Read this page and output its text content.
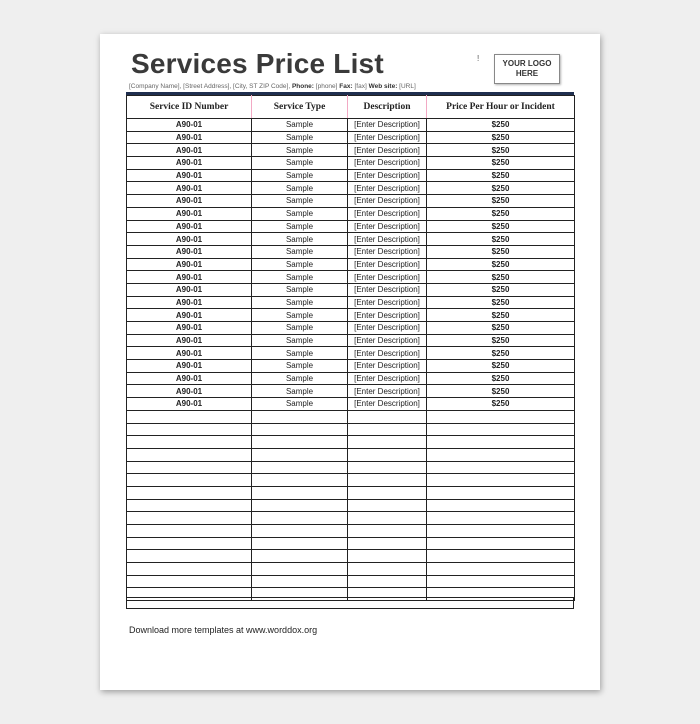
Services Price List	!
YOUR LOGO HERE
[Company Name], [Street Address], [City, ST ZIP Code], Phone: [phone] Fax: [fax] Web site: [URL]
Service ID Number	Service Type	Description	Price Per Hour or Incident
A90-01	Sample	[Enter Description]	$250
A90-01	Sample	[Enter Description]	$250
A90-01	Sample	[Enter Description]	$250
A90-01	Sample	[Enter Description]	$250
A90-01	Sample	[Enter Description]	$250
A90-01	Sample	[Enter Description]	$250
A90-01	Sample	[Enter Description]	$250
A90-01	Sample	[Enter Description]	$250
A90-01	Sample	[Enter Description]	$250
A90-01	Sample	[Enter Description]	$250
A90-01	Sample	[Enter Description]	$250
A90-01	Sample	[Enter Description]	$250
A90-01	Sample	[Enter Description]	$250
A90-01	Sample	[Enter Description]	$250
A90-01	Sample	[Enter Description]	$250
A90-01	Sample	[Enter Description]	$250
A90-01	Sample	[Enter Description]	$250
A90-01	Sample	[Enter Description]	$250
A90-01	Sample	[Enter Description]	$250
A90-01	Sample	[Enter Description]	$250
A90-01	Sample	[Enter Description]	$250
A90-01	Sample	[Enter Description]	$250
A90-01	Sample	[Enter Description]	$250

Download more templates at www.worddox.org
